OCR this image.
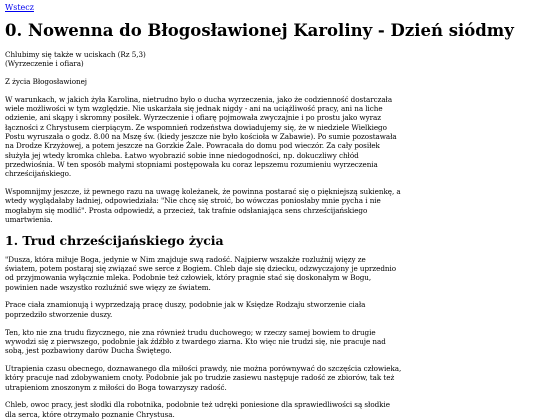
Wstecz
0. Nowenna do Błogosławionej Karoliny - Dzień siódmy

Chlubimy się także w uciskach (Rz 5,3)
(Wyrzeczenie i ofiara)

Z życia Błogosławionej

W warunkach, w jakich żyła Karolina, nietrudno było o ducha wyrzeczenia, jako że codzienność dostarczała
wiele możliwości w tym względzie. Nie uskarżała się jednak nigdy - ani na uciążliwość pracy, ani na liche
odzienie, ani skąpy i skromny posiłek. Wyrzeczenie i ofiarę pojmowała zwyczajnie i po prostu jako wyraz
łączności z Chrystusem cierpiącym. Ze wspomnień rodzeństwa dowiadujemy się, że w niedziele Wielkiego
Postu wyruszała o godz. 8.00 na Mszę św. (kiedy jeszcze nie było kościoła w Zabawie). Po sumie pozostawała
na Drodze Krzyżowej, a potem jeszcze na Gorzkie Żale. Powracała do domu pod wieczór. Za cały posiłek
służyła jej wtedy kromka chleba. Łatwo wyobrazić sobie inne niedogodności, np. dokuczliwy chłód
przedwiośnia. W ten sposób małymi stopniami postępowała ku coraz lepszemu rozumieniu wyrzeczenia
chrześcijańskiego.

Wspomnijmy jeszcze, iż pewnego razu na uwagę koleżanek, że powinna postarać się o piękniejszą sukienkę, a
wtedy wyglądałaby ładniej, odpowiedziała: "Nie chcę się stroić, bo wówczas poniosłaby mnie pycha i nie
mogłabym się modlić". Prosta odpowiedź, a przecież, tak trafnie odsłaniająca sens chrześcijańskiego
umartwienia.

1. Trud chrześcijańskiego życia

"Dusza, która miłuje Boga, jedynie w Nim znajduje swą radość. Najpierw wszakże rozluźnij więzy ze
światem, potem postaraj się związać swe serce z Bogiem. Chleb daje się dziecku, odzwyczajony je uprzednio
od przyjmowania wyłącznie mleka. Podobnie też człowiek, który pragnie stać się doskonałym w Bogu,
powinien nade wszystko rozluźnić swe więzy ze światem.

Prace ciała znamionują i wyprzedzają pracę duszy, podobnie jak w Księdze Rodzaju stworzenie ciała
poprzedziło stworzenie duszy.

Ten, kto nie zna trudu fizycznego, nie zna również trudu duchowego; w rzeczy samej bowiem to drugie
wywodzi się z pierwszego, podobnie jak źdźbło z twardego ziarna. Kto więc nie trudzi się, nie pracuje nad
sobą, jest pozbawiony darów Ducha Świętego.

Utrapienia czasu obecnego, doznawanego dla miłości prawdy, nie można porównywać do szczęścia człowieka,
który pracuje nad zdobywaniem cnoty. Podobnie jak po trudzie zasiewu następuje radość ze zbiorów, tak też
utrapieniom znoszonym z miłości do Boga towarzyszy radość.

Chleb, owoc pracy, jest słodki dla robotnika, podobnie też udręki poniesione dla sprawiedliwości są słodkie
dla serca, które otrzymało poznanie Chrystusa.
